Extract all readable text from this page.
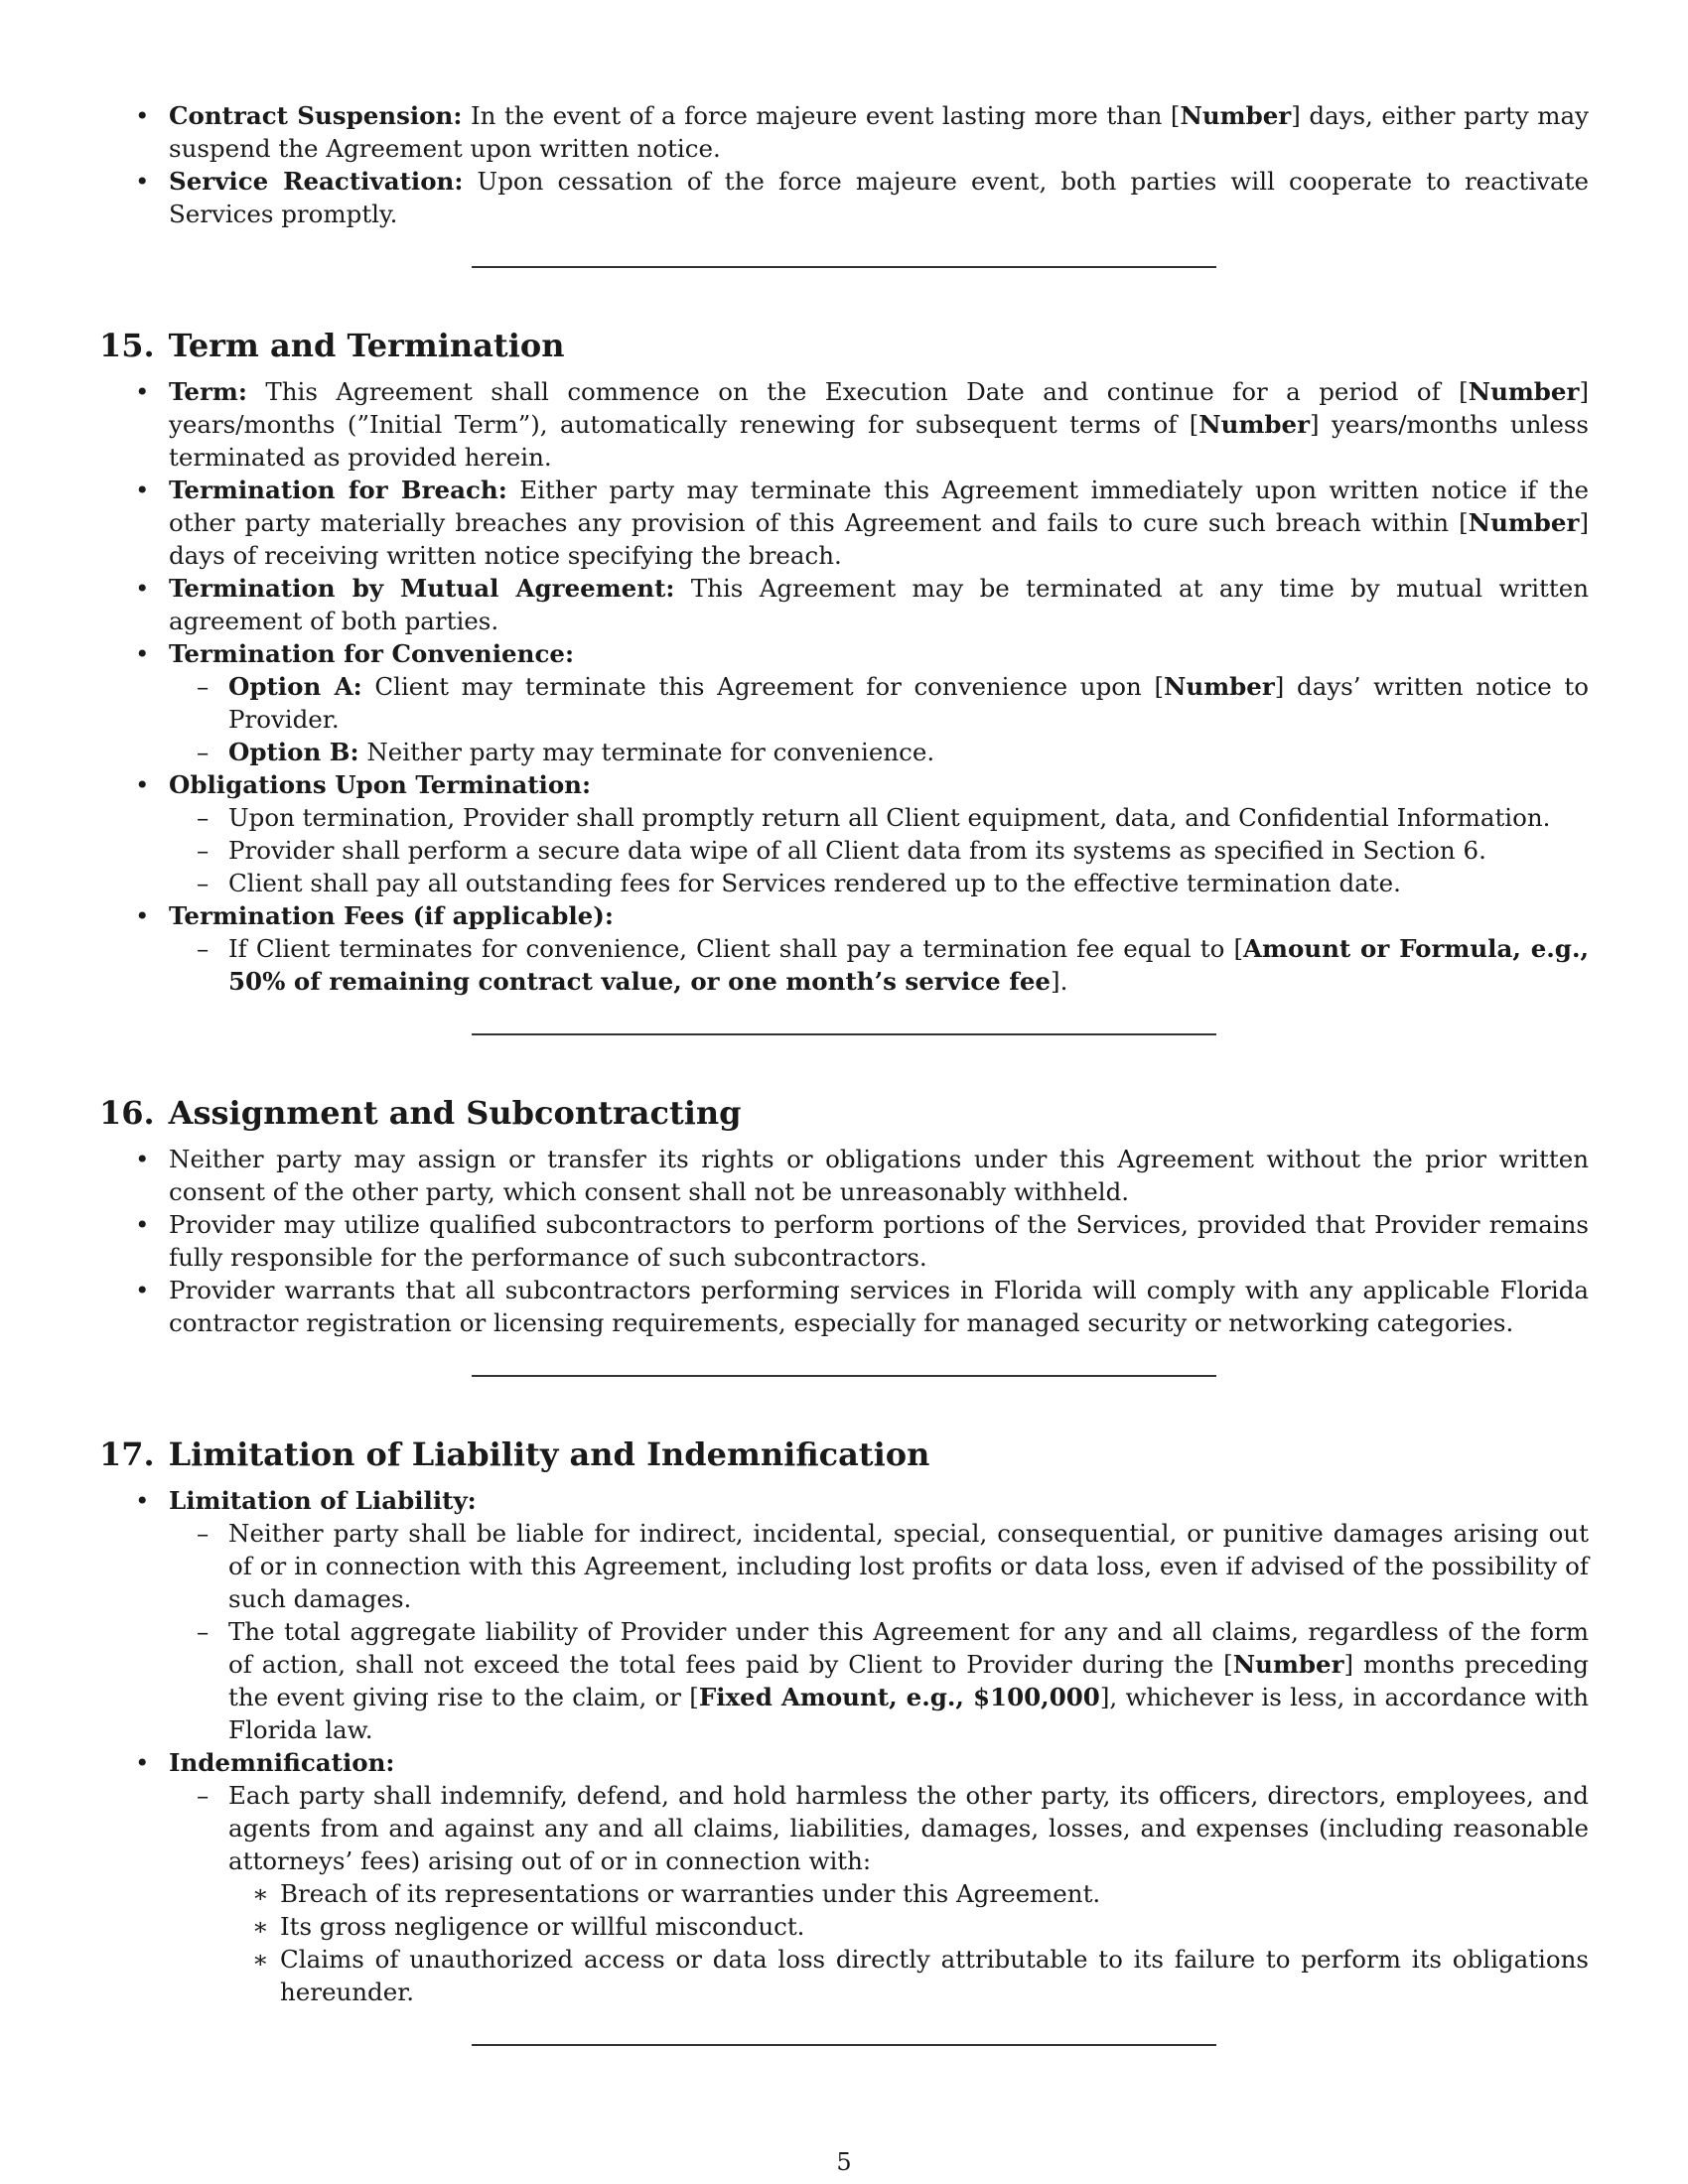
• Contract Suspension: In the event of a force majeure event lasting more than [Number] days, either party may suspend the Agreement upon written notice.
• Service Reactivation: Upon cessation of the force majeure event, both parties will cooperate to reactivate Services promptly.
15. Term and Termination
• Term: This Agreement shall commence on the Execution Date and continue for a period of [Number] years/months (”Initial Term”), automatically renewing for subsequent terms of [Number] years/months unless terminated as provided herein.
• Termination for Breach: Either party may terminate this Agreement immediately upon written notice if the other party materially breaches any provision of this Agreement and fails to cure such breach within [Number] days of receiving written notice specifying the breach.
• Termination by Mutual Agreement: This Agreement may be terminated at any time by mutual written agreement of both parties.
• Termination for Convenience:
– Option A: Client may terminate this Agreement for convenience upon [Number] days’ written notice to Provider.
– Option B: Neither party may terminate for convenience.
• Obligations Upon Termination:
– Upon termination, Provider shall promptly return all Client equipment, data, and Confidential Information.
– Provider shall perform a secure data wipe of all Client data from its systems as specified in Section 6.
– Client shall pay all outstanding fees for Services rendered up to the effective termination date.
• Termination Fees (if applicable):
– If Client terminates for convenience, Client shall pay a termination fee equal to [Amount or Formula, e.g., 50% of remaining contract value, or one month’s service fee].
16. Assignment and Subcontracting
• Neither party may assign or transfer its rights or obligations under this Agreement without the prior written consent of the other party, which consent shall not be unreasonably withheld.
• Provider may utilize qualified subcontractors to perform portions of the Services, provided that Provider remains fully responsible for the performance of such subcontractors.
• Provider warrants that all subcontractors performing services in Florida will comply with any applicable Florida contractor registration or licensing requirements, especially for managed security or networking categories.
17. Limitation of Liability and Indemnification
• Limitation of Liability:
– Neither party shall be liable for indirect, incidental, special, consequential, or punitive damages arising out of or in connection with this Agreement, including lost profits or data loss, even if advised of the possibility of such damages.
– The total aggregate liability of Provider under this Agreement for any and all claims, regardless of the form of action, shall not exceed the total fees paid by Client to Provider during the [Number] months preceding the event giving rise to the claim, or [Fixed Amount, e.g., $100,000], whichever is less, in accordance with Florida law.
• Indemnification:
– Each party shall indemnify, defend, and hold harmless the other party, its officers, directors, employees, and agents from and against any and all claims, liabilities, damages, losses, and expenses (including reasonable attorneys’ fees) arising out of or in connection with:
∗ Breach of its representations or warranties under this Agreement.
∗ Its gross negligence or willful misconduct.
∗ Claims of unauthorized access or data loss directly attributable to its failure to perform its obligations hereunder.
5
